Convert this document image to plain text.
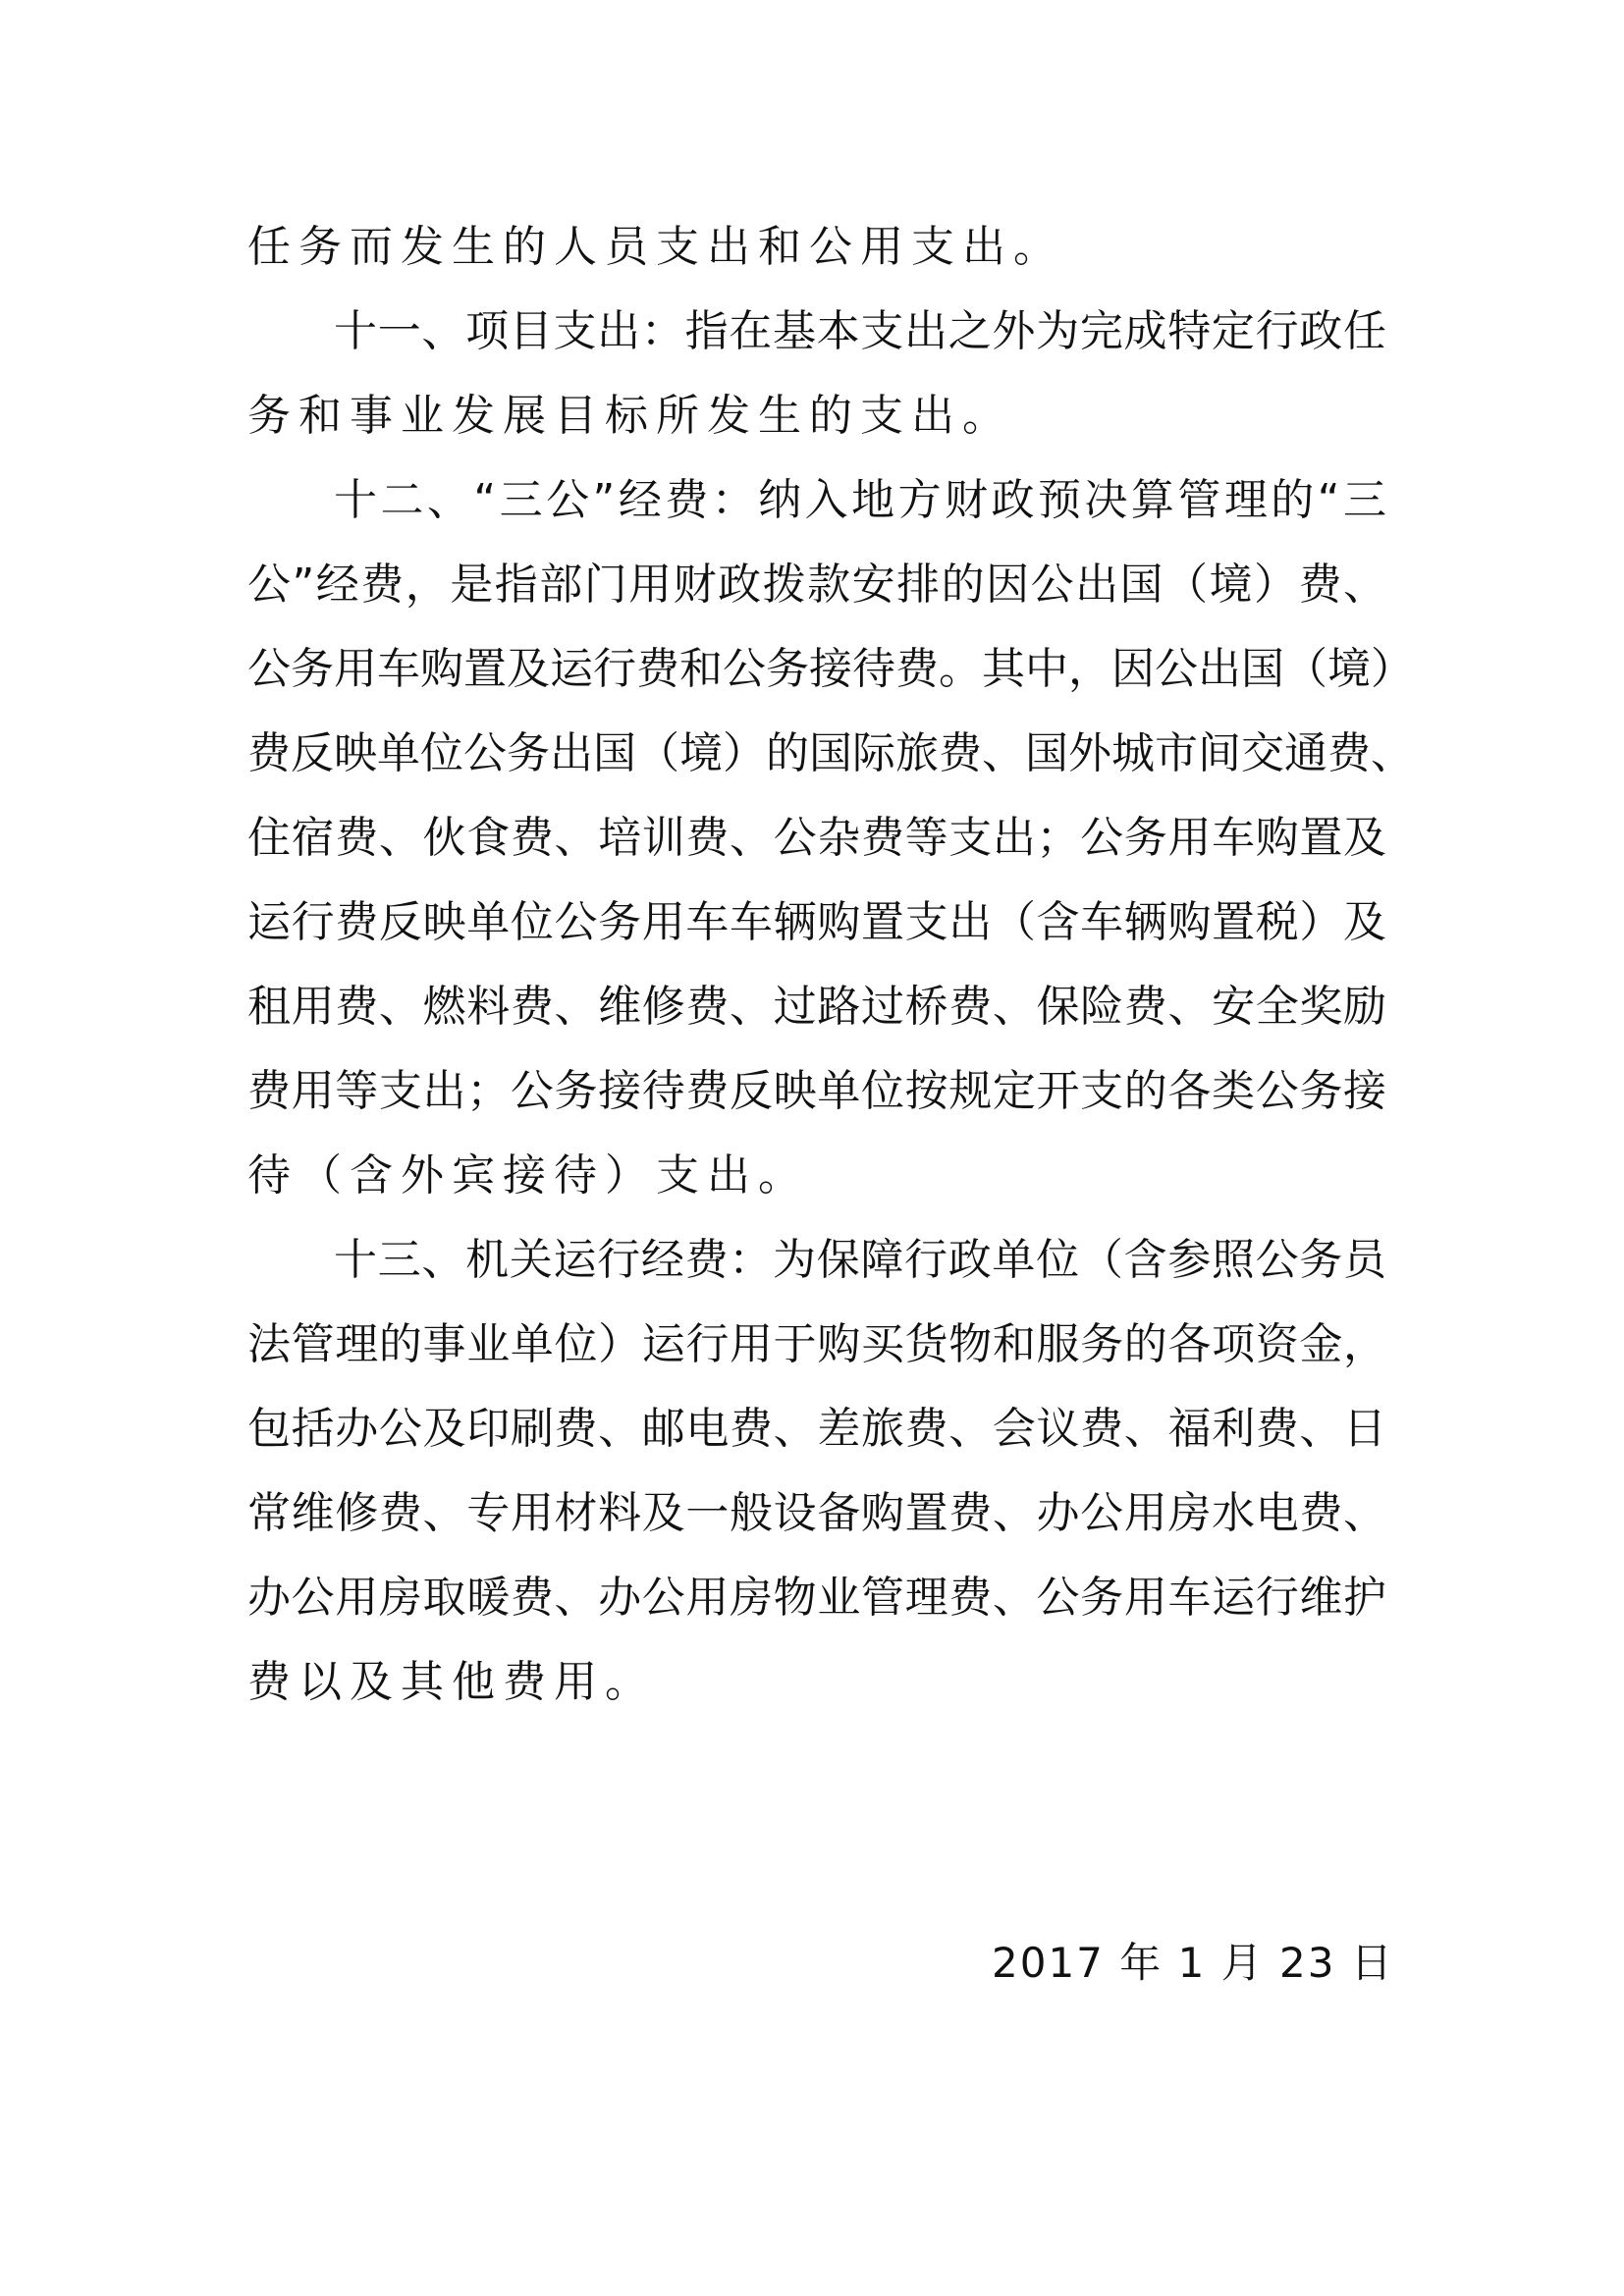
任务而发生的人员支出和公用支出。
十一、项目支出：指在基本支出之外为完成特定行政任
务和事业发展目标所发生的支出。
十二、“三公”经费：纳入地方财政预决算管理的“三
公”经费，是指部门用财政拨款安排的因公出国（境）费、
公务用车购置及运行费和公务接待费。其中，因公出国（境）
费反映单位公务出国（境）的国际旅费、国外城市间交通费、
住宿费、伙食费、培训费、公杂费等支出；公务用车购置及
运行费反映单位公务用车车辆购置支出（含车辆购置税）及
租用费、燃料费、维修费、过路过桥费、保险费、安全奖励
费用等支出；公务接待费反映单位按规定开支的各类公务接
待（含外宾接待）支出。
十三、机关运行经费：为保障行政单位（含参照公务员
法管理的事业单位）运行用于购买货物和服务的各项资金，
包括办公及印刷费、邮电费、差旅费、会议费、福利费、日
常维修费、专用材料及一般设备购置费、办公用房水电费、
办公用房取暖费、办公用房物业管理费、公务用车运行维护
费以及其他费用。
2017 年 1 月 23 日
